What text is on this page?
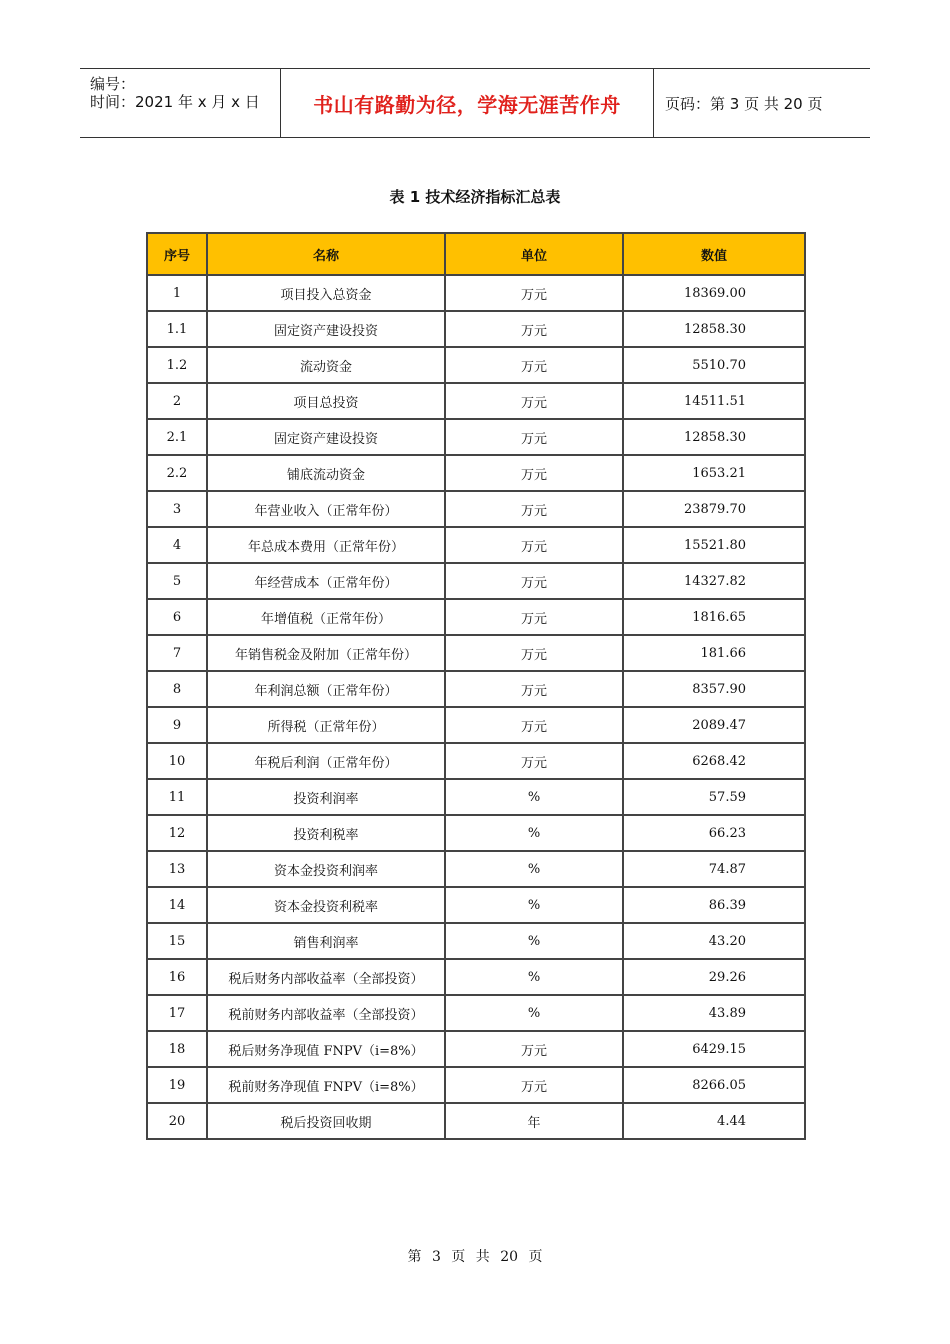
编号：
时间：2021 年 x 月 x 日	书山有路勤为径，学海无涯苦作舟	页码：第 3 页 共 20 页
表 1 技术经济指标汇总表
序号	名称	单位	数值
1	项目投入总资金	万元	18369.00
1.1	固定资产建设投资	万元	12858.30
1.2	流动资金	万元	5510.70
2	项目总投资	万元	14511.51
2.1	固定资产建设投资	万元	12858.30
2.2	铺底流动资金	万元	1653.21
3	年营业收入（正常年份）	万元	23879.70
4	年总成本费用（正常年份）	万元	15521.80
5	年经营成本（正常年份）	万元	14327.82
6	年增值税（正常年份）	万元	1816.65
7	年销售税金及附加（正常年份）	万元	181.66
8	年利润总额（正常年份）	万元	8357.90
9	所得税（正常年份）	万元	2089.47
10	年税后利润（正常年份）	万元	6268.42
11	投资利润率	%	57.59
12	投资利税率	%	66.23
13	资本金投资利润率	%	74.87
14	资本金投资利税率	%	86.39
15	销售利润率	%	43.20
16	税后财务内部收益率（全部投资）	%	29.26
17	税前财务内部收益率（全部投资）	%	43.89
18	税后财务净现值 FNPV（i=8%）	万元	6429.15
19	税前财务净现值 FNPV（i=8%）	万元	8266.05
20	税后投资回收期	年	4.44
第 3 页 共 20 页
